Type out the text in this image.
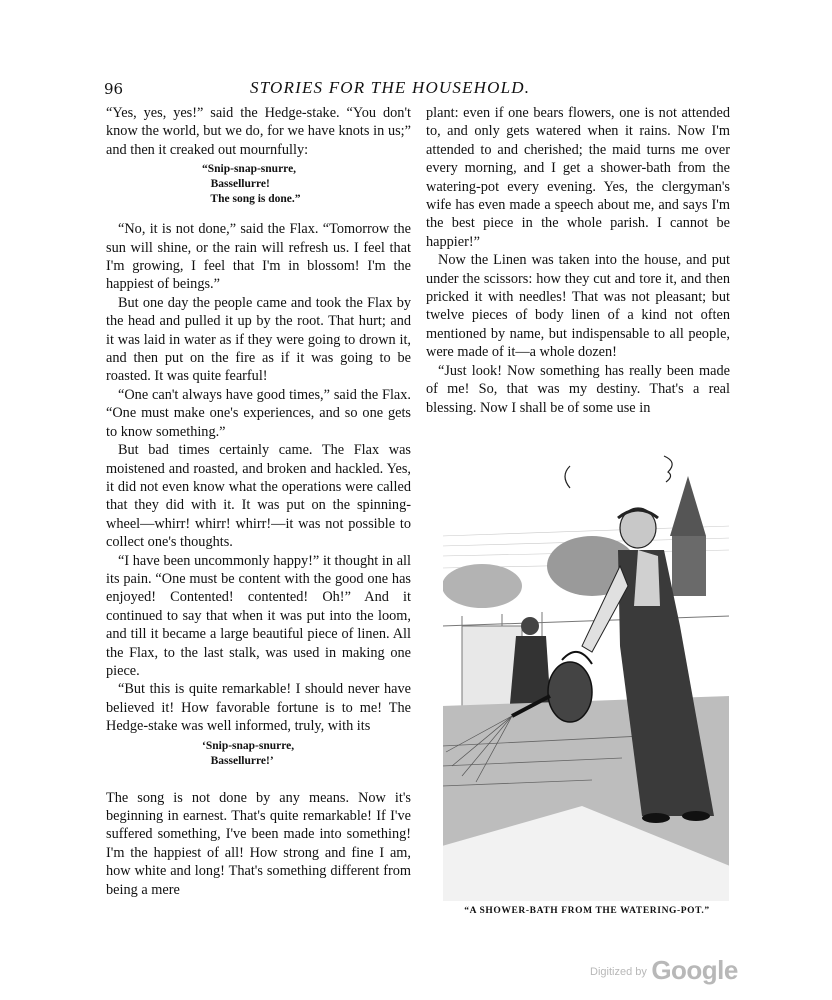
96	STORIES FOR THE HOUSEHOLD.

“Yes, yes, yes!” said the Hedge-stake. “You don't know the world, but we do, for we have knots in us;” and then it creaked out mournfully:

“Snip-snap-snurre,
Bassellurre!
The song is done.”

“No, it is not done,” said the Flax. “Tomorrow the sun will shine, or the rain will refresh us. I feel that I'm growing, I feel that I'm in blossom! I'm the happiest of beings.”

But one day the people came and took the Flax by the head and pulled it up by the root. That hurt; and it was laid in water as if they were going to drown it, and then put on the fire as if it was going to be roasted. It was quite fearful!

“One can't always have good times,” said the Flax. “One must make one's experiences, and so one gets to know something.”

But bad times certainly came. The Flax was moistened and roasted, and broken and hackled. Yes, it did not even know what the operations were called that they did with it. It was put on the spinning-wheel—whirr! whirr! whirr!—it was not possible to collect one's thoughts.

“I have been uncommonly happy!” it thought in all its pain. “One must be content with the good one has enjoyed! Contented! contented! Oh!” And it continued to say that when it was put into the loom, and till it became a large beautiful piece of linen. All the Flax, to the last stalk, was used in making one piece.

“But this is quite remarkable! I should never have believed it! How favorable fortune is to me! The Hedge-stake was well informed, truly, with its

‘Snip-snap-snurre,
Bassellurre!’

The song is not done by any means. Now it's beginning in earnest. That's quite remarkable! If I've suffered something, I've been made into something! I'm the happiest of all! How strong and fine I am, how white and long! That's something different from being a mere

plant: even if one bears flowers, one is not attended to, and only gets watered when it rains. Now I'm attended to and cherished; the maid turns me over every morning, and I get a shower-bath from the watering-pot every evening. Yes, the clergyman's wife has even made a speech about me, and says I'm the best piece in the whole parish. I cannot be happier!”

Now the Linen was taken into the house, and put under the scissors: how they cut and tore it, and then pricked it with needles! That was not pleasant; but twelve pieces of body linen of a kind not often mentioned by name, but indispensable to all people, were made of it—a whole dozen!

“Just look! Now something has really been made of me! So, that was my destiny. That's a real blessing. Now I shall be of some use in

“A SHOWER-BATH FROM THE WATERING-POT.”
$^{Digitized by}$ Google
